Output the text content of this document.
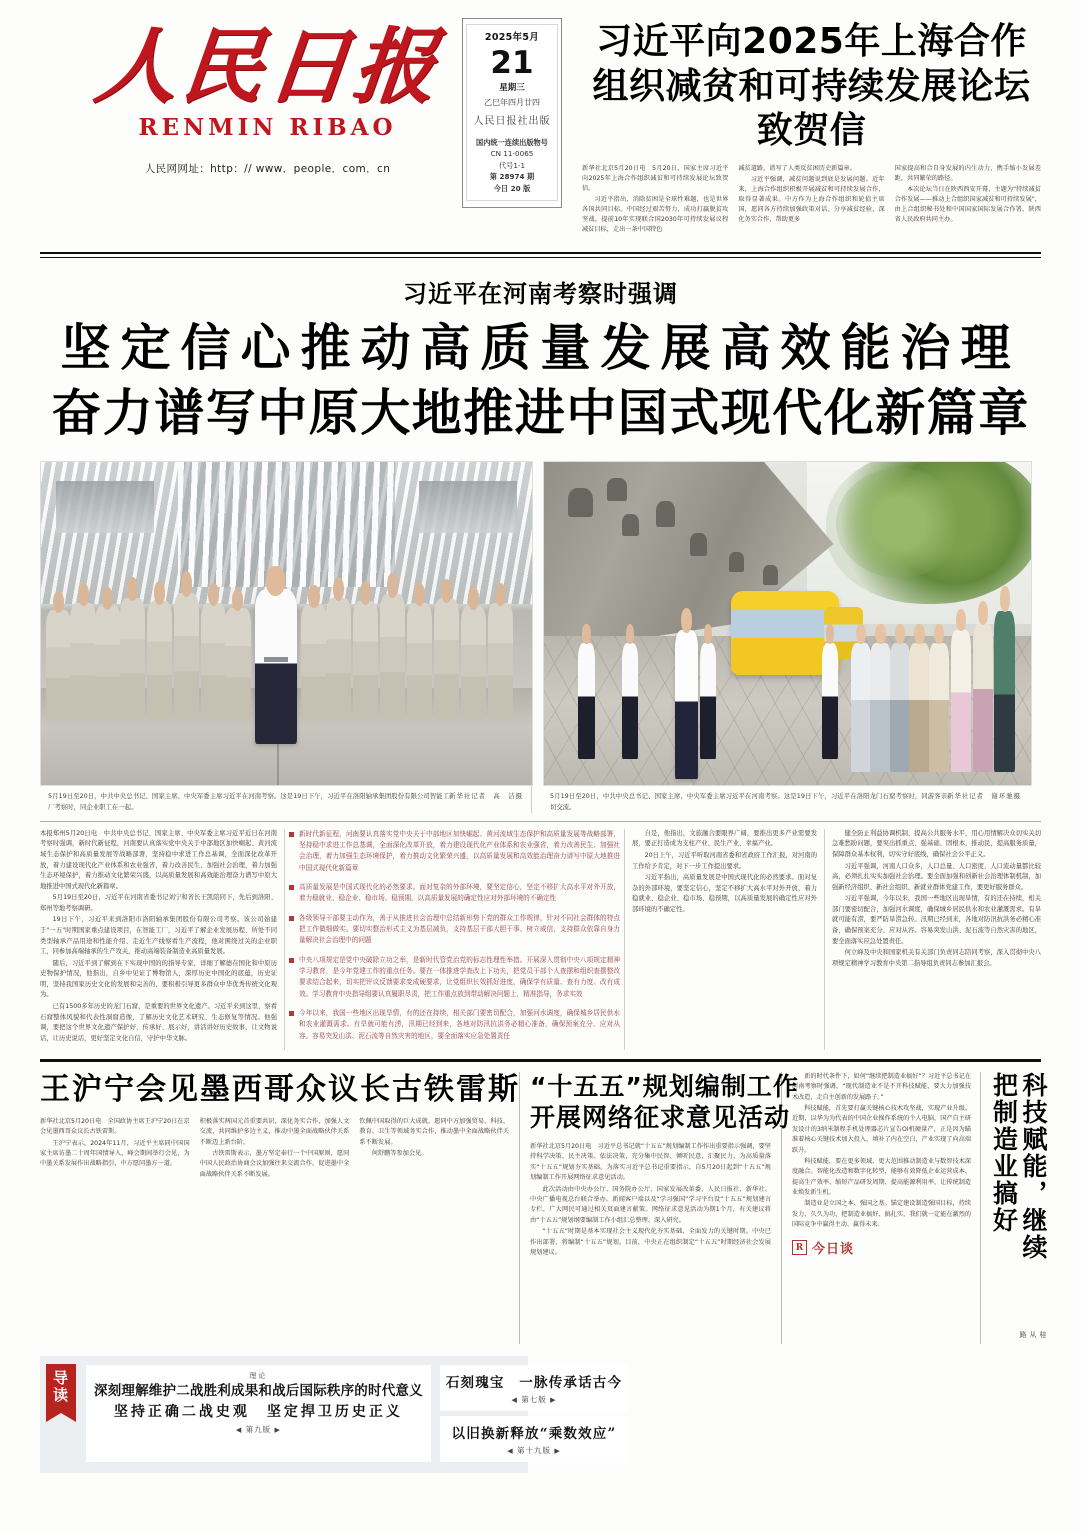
人民日报
RENMIN RIBAO
人民网网址：http：// www．people．com．cn
2025年5月
21
星期三
乙巳年四月廿四
人民日报社出版
国内统一连续出版物号
CN 11-0065
代号1-1
第 28974 期
今日 20 版
习近平向2025年上海合作组织减贫和可持续发展论坛致贺信

新华社北京5月20日电　5月20日，国家主席习近平向2025年上海合作组织减贫和可持续发展论坛致贺信。

习近平指出，消除贫困是全球性难题，也是世界各国共同目标。中国经过艰苦努力，成功打赢脱贫攻坚战，提前10年实现联合国2030年可持续发展议程减贫目标，走出一条中国特色

减贫道路，谱写了人类反贫困历史新篇章。

习近平强调，减贫问题说到底是发展问题。近年来，上海合作组织积极开展减贫和可持续发展合作，取得显著成果。中方作为上海合作组织和轮值主席国，愿同各方持续加强政策对话、分享减贫经验，深化务实合作，帮助更多

国家提高和合自身发展的内生动力，携手缩小发展差距，共同繁荣的路径。

本次论坛当日在陕西西安开幕，主题为"持续减贫　合作发展——推动上合组织国家减贫和可持续发展"，由上合组织秘书处和中国国家国际发展合作署、陕西省人民政府共同主办。

习近平在河南考察时强调
坚定信心推动高质量发展高效能治理
奋力谱写中原大地推进中国式现代化新篇章
新华社记者　高　洁摄
5月19日至20日，中共中央总书记、国家主席、中央军委主席习近平在河南考察。这是19日下午，习近平在洛阳轴承集团股份有限公司智能工厂考察时，同企业职工在一起。
新华社记者　谢环驰摄
5月19日至20日，中共中央总书记、国家主席、中央军委主席习近平在河南考察。这是19日下午，习近平在洛阳龙门石窟考察时，同游客亲切交流。

本报郑州5月20日电　中共中央总书记、国家主席、中央军委主席习近平近日在河南考察时强调，新时代新征程，河南要认真落实党中央关于中部地区加快崛起、黄河流域生态保护和高质量发展等战略部署，坚持稳中求进工作总基调，全面深化改革开放，着力建设现代化产业体系和农业强省，着力改善民生、加强社会治理，着力加强生态环境保护，着力推动文化繁荣兴盛，以高质量发展和高效能治理奋力谱写中原大地推进中国式现代化新篇章。

5月19日至20日，习近平在河南省委书记刘宁和省长王凯陪同下，先后到洛阳、郑州等地考察调研。

19日下午，习近平来到洛阳市洛阳轴承集团股份有限公司考察。该公司始建于"一五"时期国家重点建设项目，在智能工厂，习近平了解企业发展历程、所处不同类型轴承产品用途和性能介绍、走近生产线察看生产流程，他对围绕过关的企业职工，同参加高端轴承的生产攻关，推动高端装备制造业高质量发展。

随后，习近平到了解到在下实现中国的的指导专家，详细了解德在国化和中原历史物保护情况，他指出，自乡中见证了博物馆人，深厚历史中国化的底蕴，历史证明，坚持我国家历史文化的发展和完善的，要积极引导更多群众中华优秀传统文化观为。

已有1500多年历史的龙门石窟，是重要的世界文化遗产。习近平来到这里，察看石窟整体风貌和代表性洞窟造像，了解历史文化艺术研究、生态修复等情况。他强调，要把这个世界文化遗产保护好、传承好、展示好，讲活讲好历史故事，让文物说话，让历史说话，更好坚定文化自信，守护中华文脉。

新时代新征程，河南要认真落实党中央关于中部地区加快崛起、黄河流域生态保护和高质量发展等战略部署，坚持稳中求进工作总基调，全面深化改革开放，着力建设现代化产业体系和农业强省，着力改善民生、加强社会治理，着力加强生态环境保护，着力推动文化繁荣兴盛，以高质量发展和高效能治理奋力谱写中原大地推进中国式现代化新篇章
高质量发展是中国式现代化的必然要求。面对复杂的外部环境，要坚定信心，坚定不移扩大高水平对外开放，着力稳就业、稳企业、稳市场、稳预期，以高质量发展的确定性应对外部环境的不确定性
各级领导干部要主动作为，善于从推进社会治理中总结新形势下党的群众工作规律，针对不同社会群体的特点把工作做细做实。要切实整治形式主义为基层减负，支持基层干部大胆干事、树立威信，支持群众依靠自身力量解决社会治理中的问题
中央八项规定是党中央破除立功之举，是新时代管党治党的标志性理性举措。开展深入贯彻中央八项规定精神学习教育，是今年党建工作的重点任务。要在一体推进学查改上下功夫，把党员干部个人查摆和组织查摆整改要求结合起来，切实把评议反馈要求变成硬要求，让党组织长效抓好进度，确保学有质量、查有力度、改有成效。学习教育中央指导组要认真履职尽责，把工作重点放到带动解决问题上，精准指导，务求实效
今年以来，我国一些地区出现旱情，有的还在持续，相关部门要密切配合，加强河水调度，确保城乡居民供水和农业灌溉需求。有旱就可能有涝，汛期已经到来，各地对防汛抗洪务必精心准备，确保预案充分、应对从容。容易突发山洪、泥石流等自然灾害的地区，要全面落实应急处置责任

自是，他指出，文旅融合要眼界广阔，要推出更多产业需要发展，要正打造成为支柱产业、民生产业、幸福产业。

20日上午，习近平听取河南省委和省政府工作汇报，对河南的工作给予肯定，对下一步工作提出要求。

习近平指出，高质量发展是中国式现代化的必然要求。面对复杂的外部环境，要坚定信心，坚定不移扩大高水平对外开放，着力稳就业、稳企业、稳市场、稳预期，以高质量发展的确定性应对外部环境的不确定性。

健全防止利益协调机制，提高公共服务水平，用心用情解决众切实关切急难愁盼问题，要突出抓重点、强基础、固根本，推动民，提高服务质量，保障群众基本权利，切实守好底线，确保社会公平正义。

习近平强调，河南人口众多，人口总量、人口密度、人口流动量都比较高，必须扎扎实实加强社会治理。要全面加强和创新社会治理体制机制，加强新经济组织、新社会组织、新就业群体党建工作，要更好服务群众。

习近平强调，今年以来，我国一些地区出现旱情，有的还在持续，相关部门要密切配合，加强河水调度，确保城乡居民供水和农业灌溉需求。有旱就可能有涝，要严防旱涝急转。汛期已经到来，各地对防汛抗洪务必精心准备，确保预案充分、应对从容。容易突发山洪、泥石流等自然灾害的地区，要全面落实应急处置责任。

何立峰及中央和国家机关有关部门负责同志陪同考察，深入贯彻中央八项规定精神学习教育中央第二指导组负责同志参加汇报会。

王沪宁会见墨西哥众议长古铁雷斯

新华社北京5月20日电　全国政协主席王沪宁20日在京会见墨西哥众议长古铁雷斯。

王沪宁表示，2024年11月，习近平主席同中国国家主席访墨二十周年国情导入，峰会期间举行会见，为中墨关系发展作出战略指引，中方愿同墨方一道。

积极落实两国元首重要共识，深化务实合作，加强人文交流，共同维护多边主义，推动中墨全面战略伙伴关系不断迈上新台阶。

古铁雷斯表示，墨方坚定奉行一个中国原则，愿同中国人民政治协商会议加强往来交流合作，促进墨中全面战略伙伴关系不断发展。

钦佩中国取得的巨大成就，愿同中方加强贸易、科技、教育、卫生等领域务实合作，推动墨中全面战略伙伴关系不断发展。

何舒鹏等参加会见。

“十五五”规划编制工作
开展网络征求意见活动

新华社北京5月20日电　习近平总书记就“十五五”规划编制工作作出重要指示强调，要坚持科学决策、民主决策、依法决策，充分集中民智、倾听民意、汇聚民力，为高质量落实“十五五”规划夯实基础。为落实习近平总书记重要指示，自5月20日起到“十五五”规划编制工作开展网络征求意见活动。

此次活动由中央办公厅、国务院办公厅、国家发展改革委、人民日报社、新华社、中央广播电视总台联合举办。新闻客户端以及“学习强国”学习平台设“十五五”规划建言专栏，广大网民可通过相关页面建言献策。网络征求意见活动为期1个月，有关建议将由“十五五”规划纲要编制工作小组汇总整理、深入研究。

“十五五”时期是基本实现社会主义现代化夯实基础、全面发力的关键时期。中央已作出部署，将编制“十五五”规划。目前，中央正在组织制定“十五五”时期经济社会发展规划建议。

新的时代条件下，如何“继续把制造业搞好”？习近平总书记在河南考察时强调，“现代制造业不是不开科技赋能，要大力加强技术改造，走自主创新的发展路子。”

科技赋能，首先要打赢关键核心技术攻坚战，实现产业升级。近期，以华为为代表的中国企业操作系统的个人电脑，国产自主研发设计的3纳米制程手机处理器芯片宣告OI机硬量产，正是因为瞄准着核心关键技术加大投入，填补了内在空白，产业实现了向高端跃升。

科技赋能，要在更多领域、更大范围推动制造业与数智技术深度融合。智能化改造和数字化转型，能够有效降低企业运营成本、提高生产效率、缩短产品研发周期、提高能源利用率，让传统制造业焕发新生机。

制造业是立国之本、强国之基。锚定建设制造强国目标，持续发力、久久为功，把制造业搞好、搞扎实，我们就一定能在激烈的国际竞争中赢得主动、赢得未来。

R 今日谈	科技赋能，继续把制造业搞好
桂从路
导
读
理论
深刻理解维护二战胜利成果和战后国际秩序的时代意义
坚持正确二战史观　坚定捍卫历史正义
◀ 第九版 ▶
石刻瑰宝　一脉传承话古今
◀ 第七版 ▶
以旧换新释放“乘数效应”
◀ 第十九版 ▶
